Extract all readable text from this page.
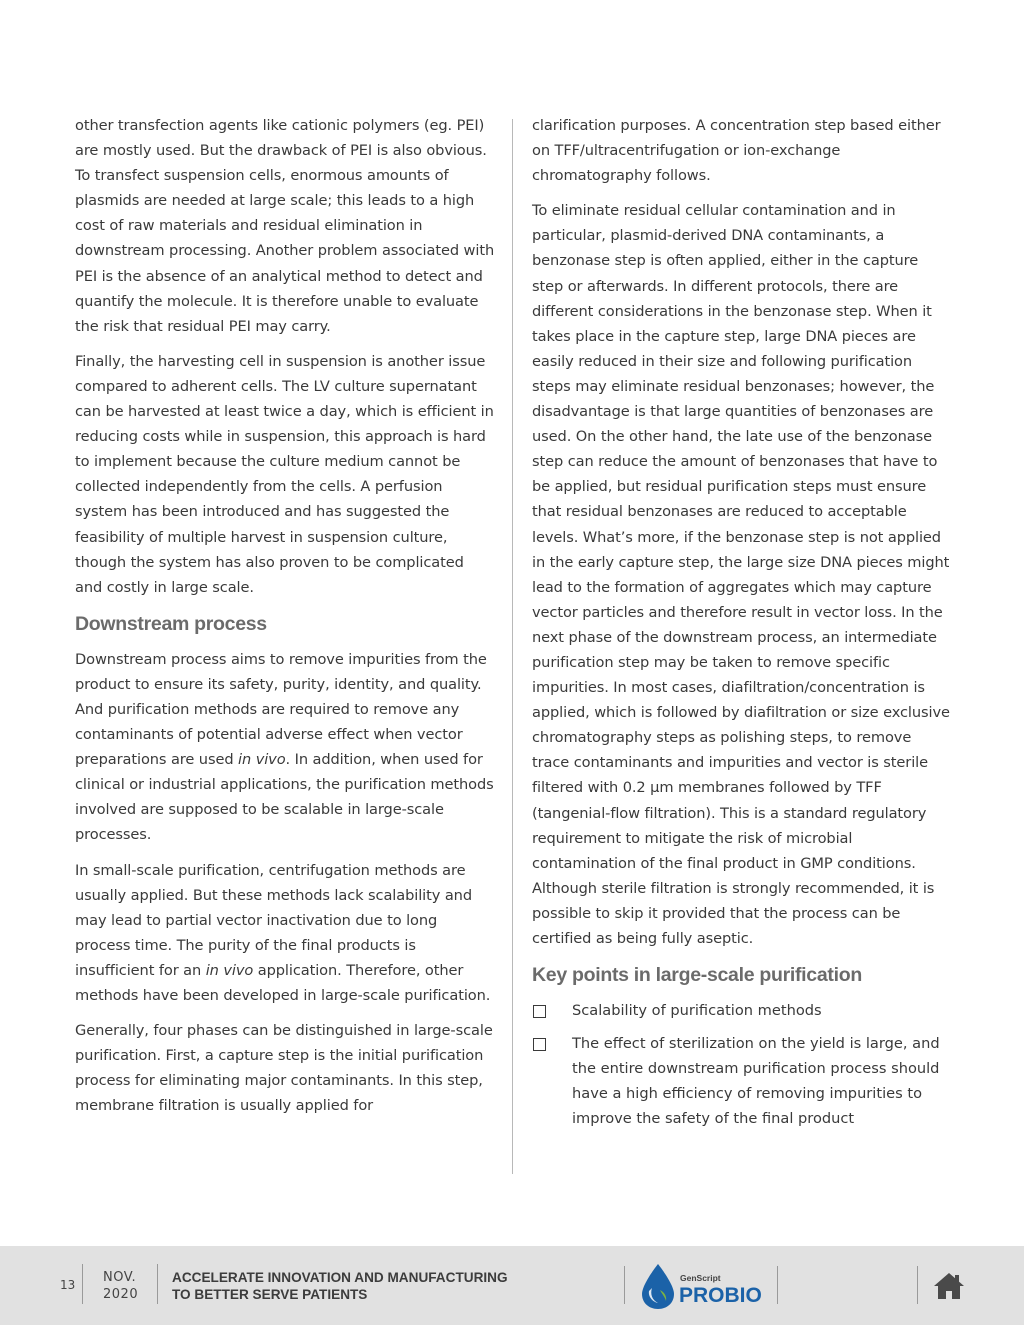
other transfection agents like cationic polymers (eg. PEI) are mostly used. But the drawback of PEI is also obvious. To transfect suspension cells, enormous amounts of plasmids are needed at large scale; this leads to a high cost of raw materials and residual elimination in downstream processing. Another problem associated with PEI is the absence of an analytical method to detect and quantify the molecule. It is therefore unable to evaluate the risk that residual PEI may carry.

Finally, the harvesting cell in suspension is another issue compared to adherent cells. The LV culture supernatant can be harvested at least twice a day, which is efficient in reducing costs while in suspension, this approach is hard to implement because the culture medium cannot be collected independently from the cells. A perfusion system has been introduced and has suggested the feasibility of multiple harvest in suspension culture, though the system has also proven to be complicated and costly in large scale.

Downstream process

Downstream process aims to remove impurities from the product to ensure its safety, purity, identity, and quality. And purification methods are required to remove any contaminants of potential adverse effect when vector preparations are used in vivo. In addition, when used for clinical or industrial applications, the purification methods involved are supposed to be scalable in large-scale processes.

In small-scale purification, centrifugation methods are usually applied. But these methods lack scalability and may lead to partial vector inactivation due to long process time. The purity of the final products is insufficient for an in vivo application. Therefore, other methods have been developed in large-scale purification.

Generally, four phases can be distinguished in large-scale purification. First, a capture step is the initial purification process for eliminating major contaminants. In this step, membrane filtration is usually applied for

clarification purposes. A concentration step based either on TFF/ultracentrifugation or ion-exchange chromatography follows.

To eliminate residual cellular contamination and in particular, plasmid-derived DNA contaminants, a benzonase step is often applied, either in the capture step or afterwards. In different protocols, there are different considerations in the benzonase step. When it takes place in the capture step, large DNA pieces are easily reduced in their size and following purification steps may eliminate residual benzonases; however, the disadvantage is that large quantities of benzonases are used. On the other hand, the late use of the benzonase step can reduce the amount of benzonases that have to be applied, but residual purification steps must ensure that residual benzonases are reduced to acceptable levels. What’s more, if the benzonase step is not applied in the early capture step, the large size DNA pieces might lead to the formation of aggregates which may capture vector particles and therefore result in vector loss. In the next phase of the downstream process, an intermediate purification step may be taken to remove specific impurities. In most cases, diafiltration/concentration is applied, which is followed by diafiltration or size exclusive chromatography steps as polishing steps, to remove trace contaminants and impurities and vector is sterile filtered with 0.2 μm membranes followed by TFF (tangenial-flow filtration). This is a standard regulatory requirement to mitigate the risk of microbial contamination of the final product in GMP conditions. Although sterile filtration is strongly recommended, it is possible to skip it provided that the process can be certified as being fully aseptic.

Key points in large-scale purification
Scalability of purification methods
The effect of sterilization on the yield is large, and the entire downstream purification process should have a high efficiency of removing impurities to improve the safety of the final product
13 NOV.
2020
ACCELERATE INNOVATION AND MANUFACTURING
TO BETTER SERVE PATIENTS
GenScript
PROBIO
